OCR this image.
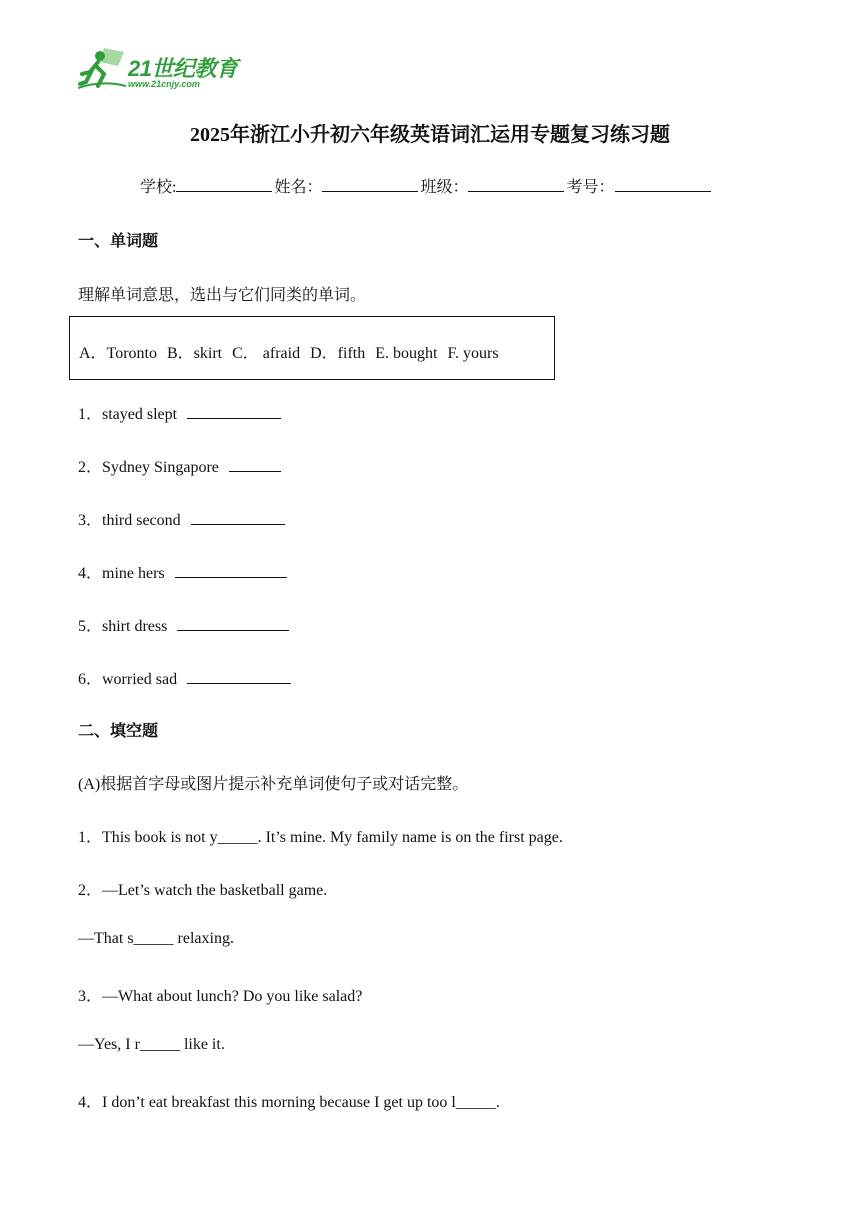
21世纪教育
www.21cnjy.com
2025年浙江小升初六年级英语词汇运用专题复习练习题
学校:	姓名：	班级：	考号：
一、单词题
理解单词意思，选出与它们同类的单词。
A．Toronto B．skirt C． afraid D．fifth E. bought F. yours
1．stayed slept
2．Sydney Singapore
3．third second
4．mine hers
5．shirt dress
6．worried sad
二、填空题
(A)根据首字母或图片提示补充单词使句子或对话完整。
1．This book is not y_____. It’s mine. My family name is on the first page.
2．—Let’s watch the basketball game.
—That s_____ relaxing.
3．—What about lunch? Do you like salad?
—Yes, I r_____ like it.
4．I don’t eat breakfast this morning because I get up too l_____.
